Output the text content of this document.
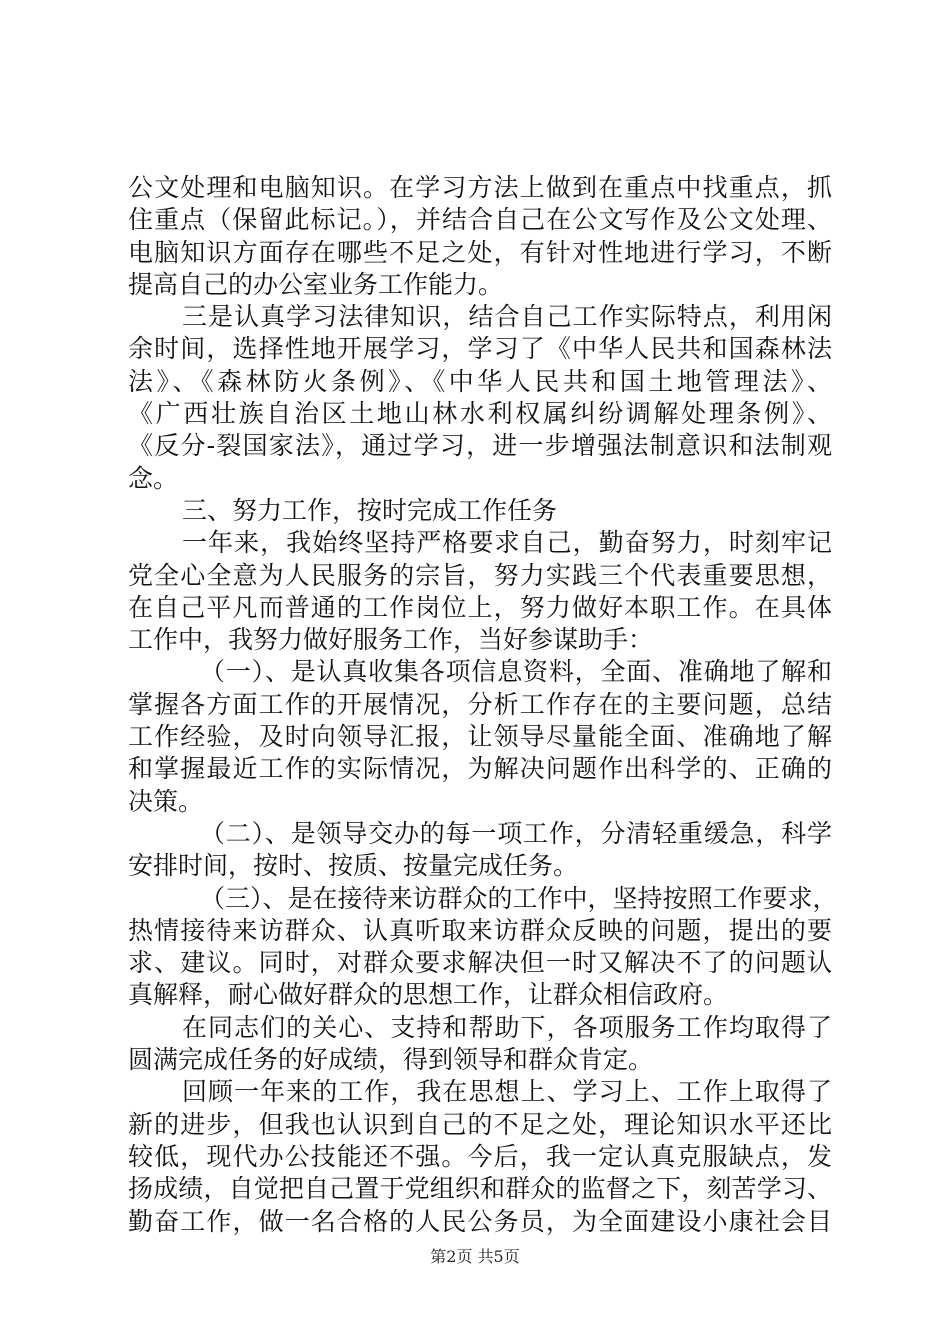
公文处理和电脑知识。在学习方法上做到在重点中找重点，抓
住重点（保留此标记。），并结合自己在公文写作及公文处理、
电脑知识方面存在哪些不足之处，有针对性地进行学习，不断
提高自己的办公室业务工作能力。
三是认真学习法律知识，结合自己工作实际特点，利用闲
余时间，选择性地开展学习，学习了《中华人民共和国森林法
法》、《森林防火条例》、《中华人民共和国土地管理法》、
《广西壮族自治区土地山林水利权属纠纷调解处理条例》、
《反分-裂国家法》，通过学习，进一步增强法制意识和法制观
念。
三、努力工作，按时完成工作任务
一年来，我始终坚持严格要求自己，勤奋努力，时刻牢记
党全心全意为人民服务的宗旨，努力实践三个代表重要思想，
在自己平凡而普通的工作岗位上，努力做好本职工作。在具体
工作中，我努力做好服务工作，当好参谋助手：
（一）、是认真收集各项信息资料，全面、准确地了解和
掌握各方面工作的开展情况，分析工作存在的主要问题，总结
工作经验，及时向领导汇报，让领导尽量能全面、准确地了解
和掌握最近工作的实际情况，为解决问题作出科学的、正确的
决策。
（二）、是领导交办的每一项工作，分清轻重缓急，科学
安排时间，按时、按质、按量完成任务。
（三）、是在接待来访群众的工作中，坚持按照工作要求，
热情接待来访群众、认真听取来访群众反映的问题，提出的要
求、建议。同时，对群众要求解决但一时又解决不了的问题认
真解释，耐心做好群众的思想工作，让群众相信政府。
在同志们的关心、支持和帮助下，各项服务工作均取得了
圆满完成任务的好成绩，得到领导和群众肯定。
回顾一年来的工作，我在思想上、学习上、工作上取得了
新的进步，但我也认识到自己的不足之处，理论知识水平还比
较低，现代办公技能还不强。今后，我一定认真克服缺点，发
扬成绩，自觉把自己置于党组织和群众的监督之下，刻苦学习、
勤奋工作，做一名合格的人民公务员，为全面建设小康社会目
第2页 共5页
